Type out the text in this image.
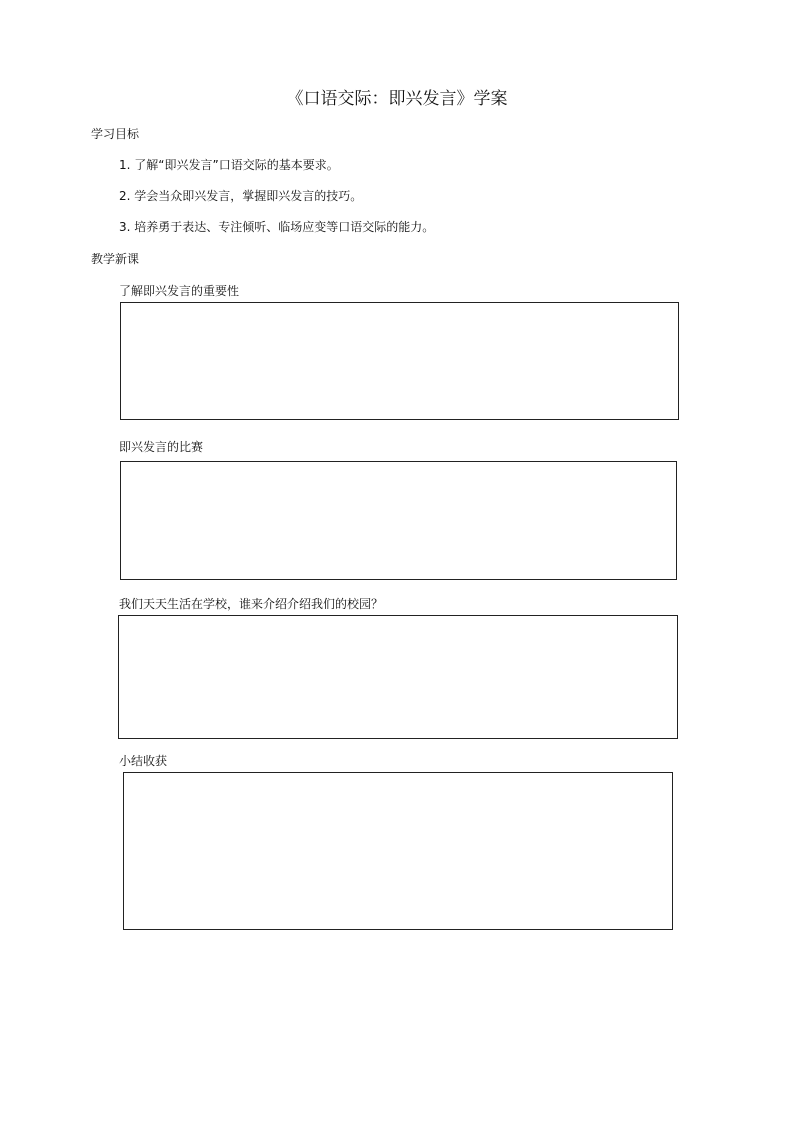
《口语交际：即兴发言》学案
学习目标
1. 了解“即兴发言”口语交际的基本要求。
2. 学会当众即兴发言，掌握即兴发言的技巧。
3. 培养勇于表达、专注倾听、临场应变等口语交际的能力。
教学新课
了解即兴发言的重要性
即兴发言的比赛
我们天天生活在学校，谁来介绍介绍我们的校园？
小结收获
